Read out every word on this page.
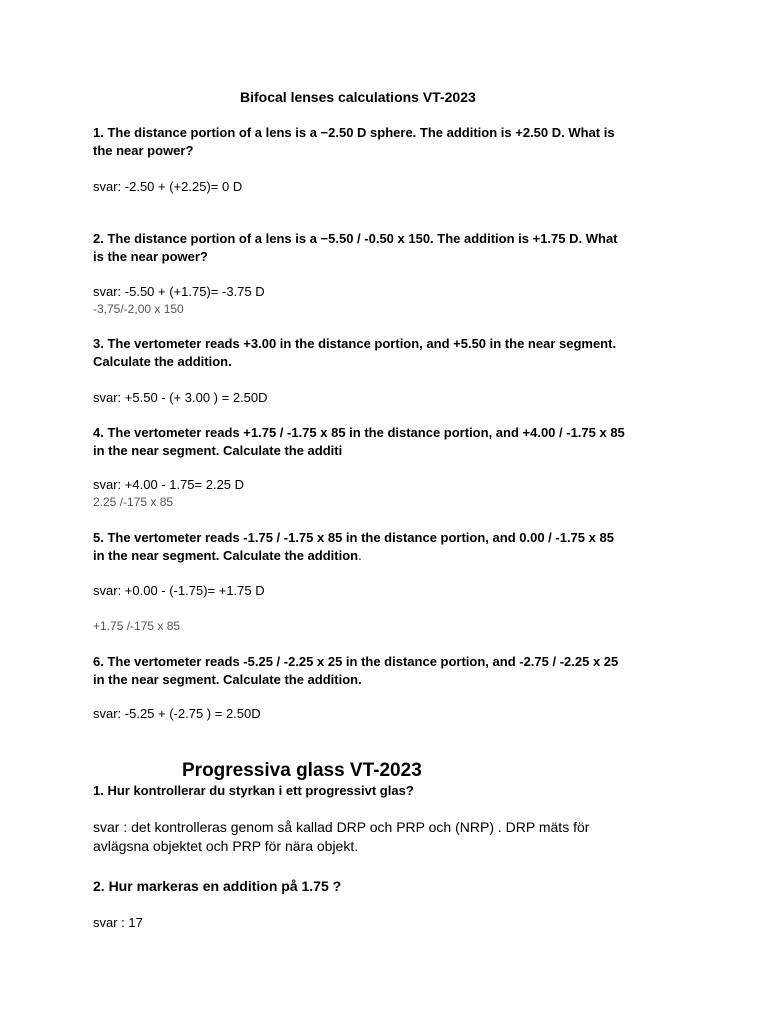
Bifocal lenses calculations VT-2023
1. The distance portion of a lens is a −2.50 D sphere. The addition is +2.50 D. What is
the near power?
svar: -2.50 + (+2.25)= 0 D
2. The distance portion of a lens is a −5.50 / -0.50 x 150. The addition is +1.75 D. What
is the near power?
svar: -5.50 + (+1.75)= -3.75 D
-3,75/-2,00 x 150
3. The vertometer reads +3.00 in the distance portion, and +5.50 in the near segment.
Calculate the addition.
svar: +5.50 - (+ 3.00 ) = 2.50D
4. The vertometer reads +1.75 / -1.75 x 85 in the distance portion, and +4.00 / -1.75 x 85
in the near segment. Calculate the additi
svar: +4.00 - 1.75= 2.25 D
2.25 /-175 x 85
5. The vertometer reads -1.75 / -1.75 x 85 in the distance portion, and 0.00 / -1.75 x 85
in the near segment. Calculate the addition.
svar: +0.00 - (-1.75)= +1.75 D
+1.75 /-175 x 85
6. The vertometer reads -5.25 / -2.25 x 25 in the distance portion, and -2.75 / -2.25 x 25
in the near segment. Calculate the addition.
svar: -5.25 + (-2.75 ) = 2.50D
Progressiva glass VT-2023
1. Hur kontrollerar du styrkan i ett progressivt glas?
svar : det kontrolleras genom så kallad DRP och PRP och (NRP) . DRP mäts för
avlägsna objektet och PRP för nära objekt.
2. Hur markeras en addition på 1.75 ?
svar : 17
